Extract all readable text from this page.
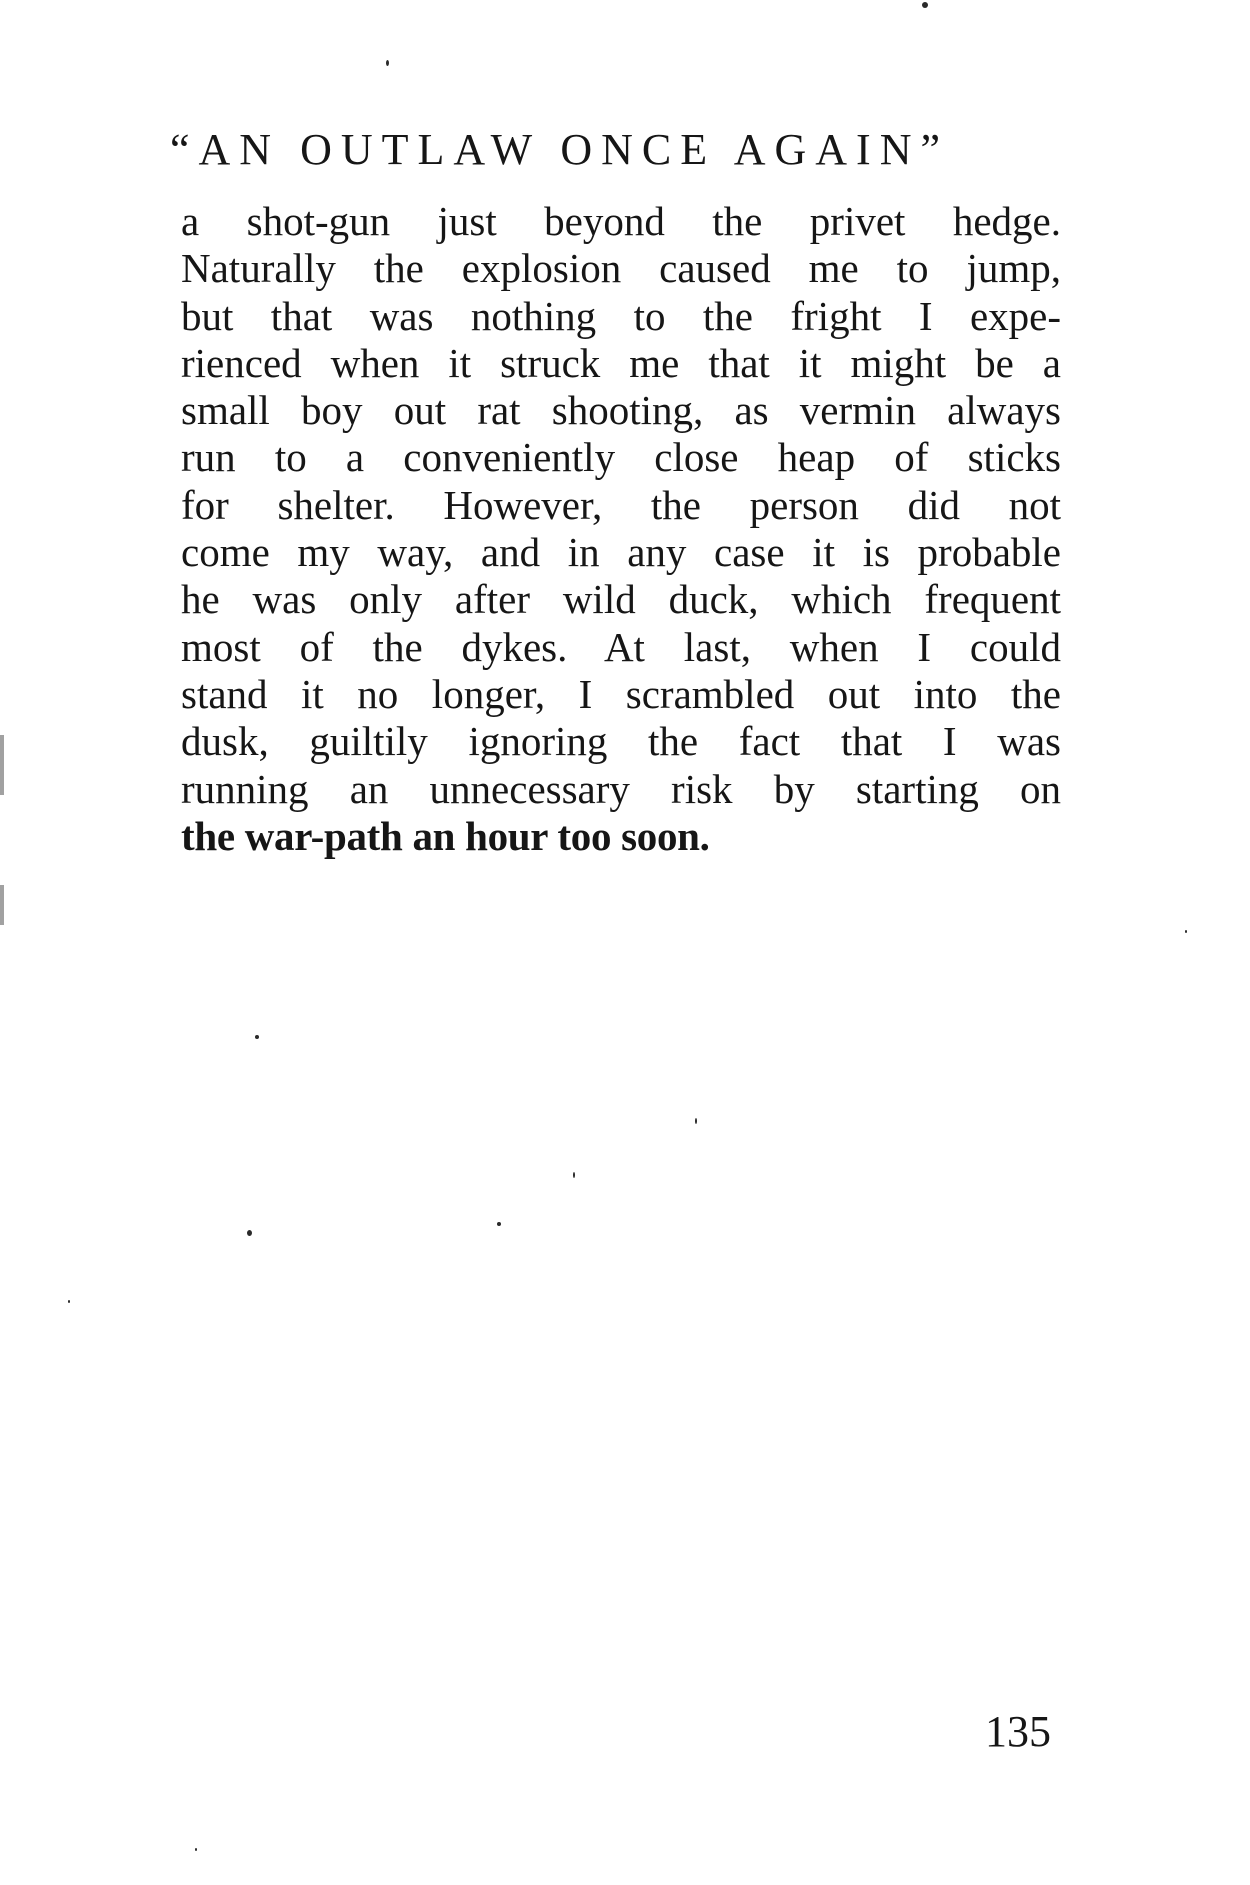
“AN OUTLAW ONCE AGAIN”
a shot-gun just beyond the privet hedge.
Naturally the explosion caused me to jump,
but that was nothing to the fright I expe-
rienced when it struck me that it might be a
small boy out rat shooting, as vermin always
run to a conveniently close heap of sticks
for shelter. However, the person did not
come my way, and in any case it is probable
he was only after wild duck, which frequent
most of the dykes. At last, when I could
stand it no longer, I scrambled out into the
dusk, guiltily ignoring the fact that I was
running an unnecessary risk by starting on
the war-path an hour too soon.
135
